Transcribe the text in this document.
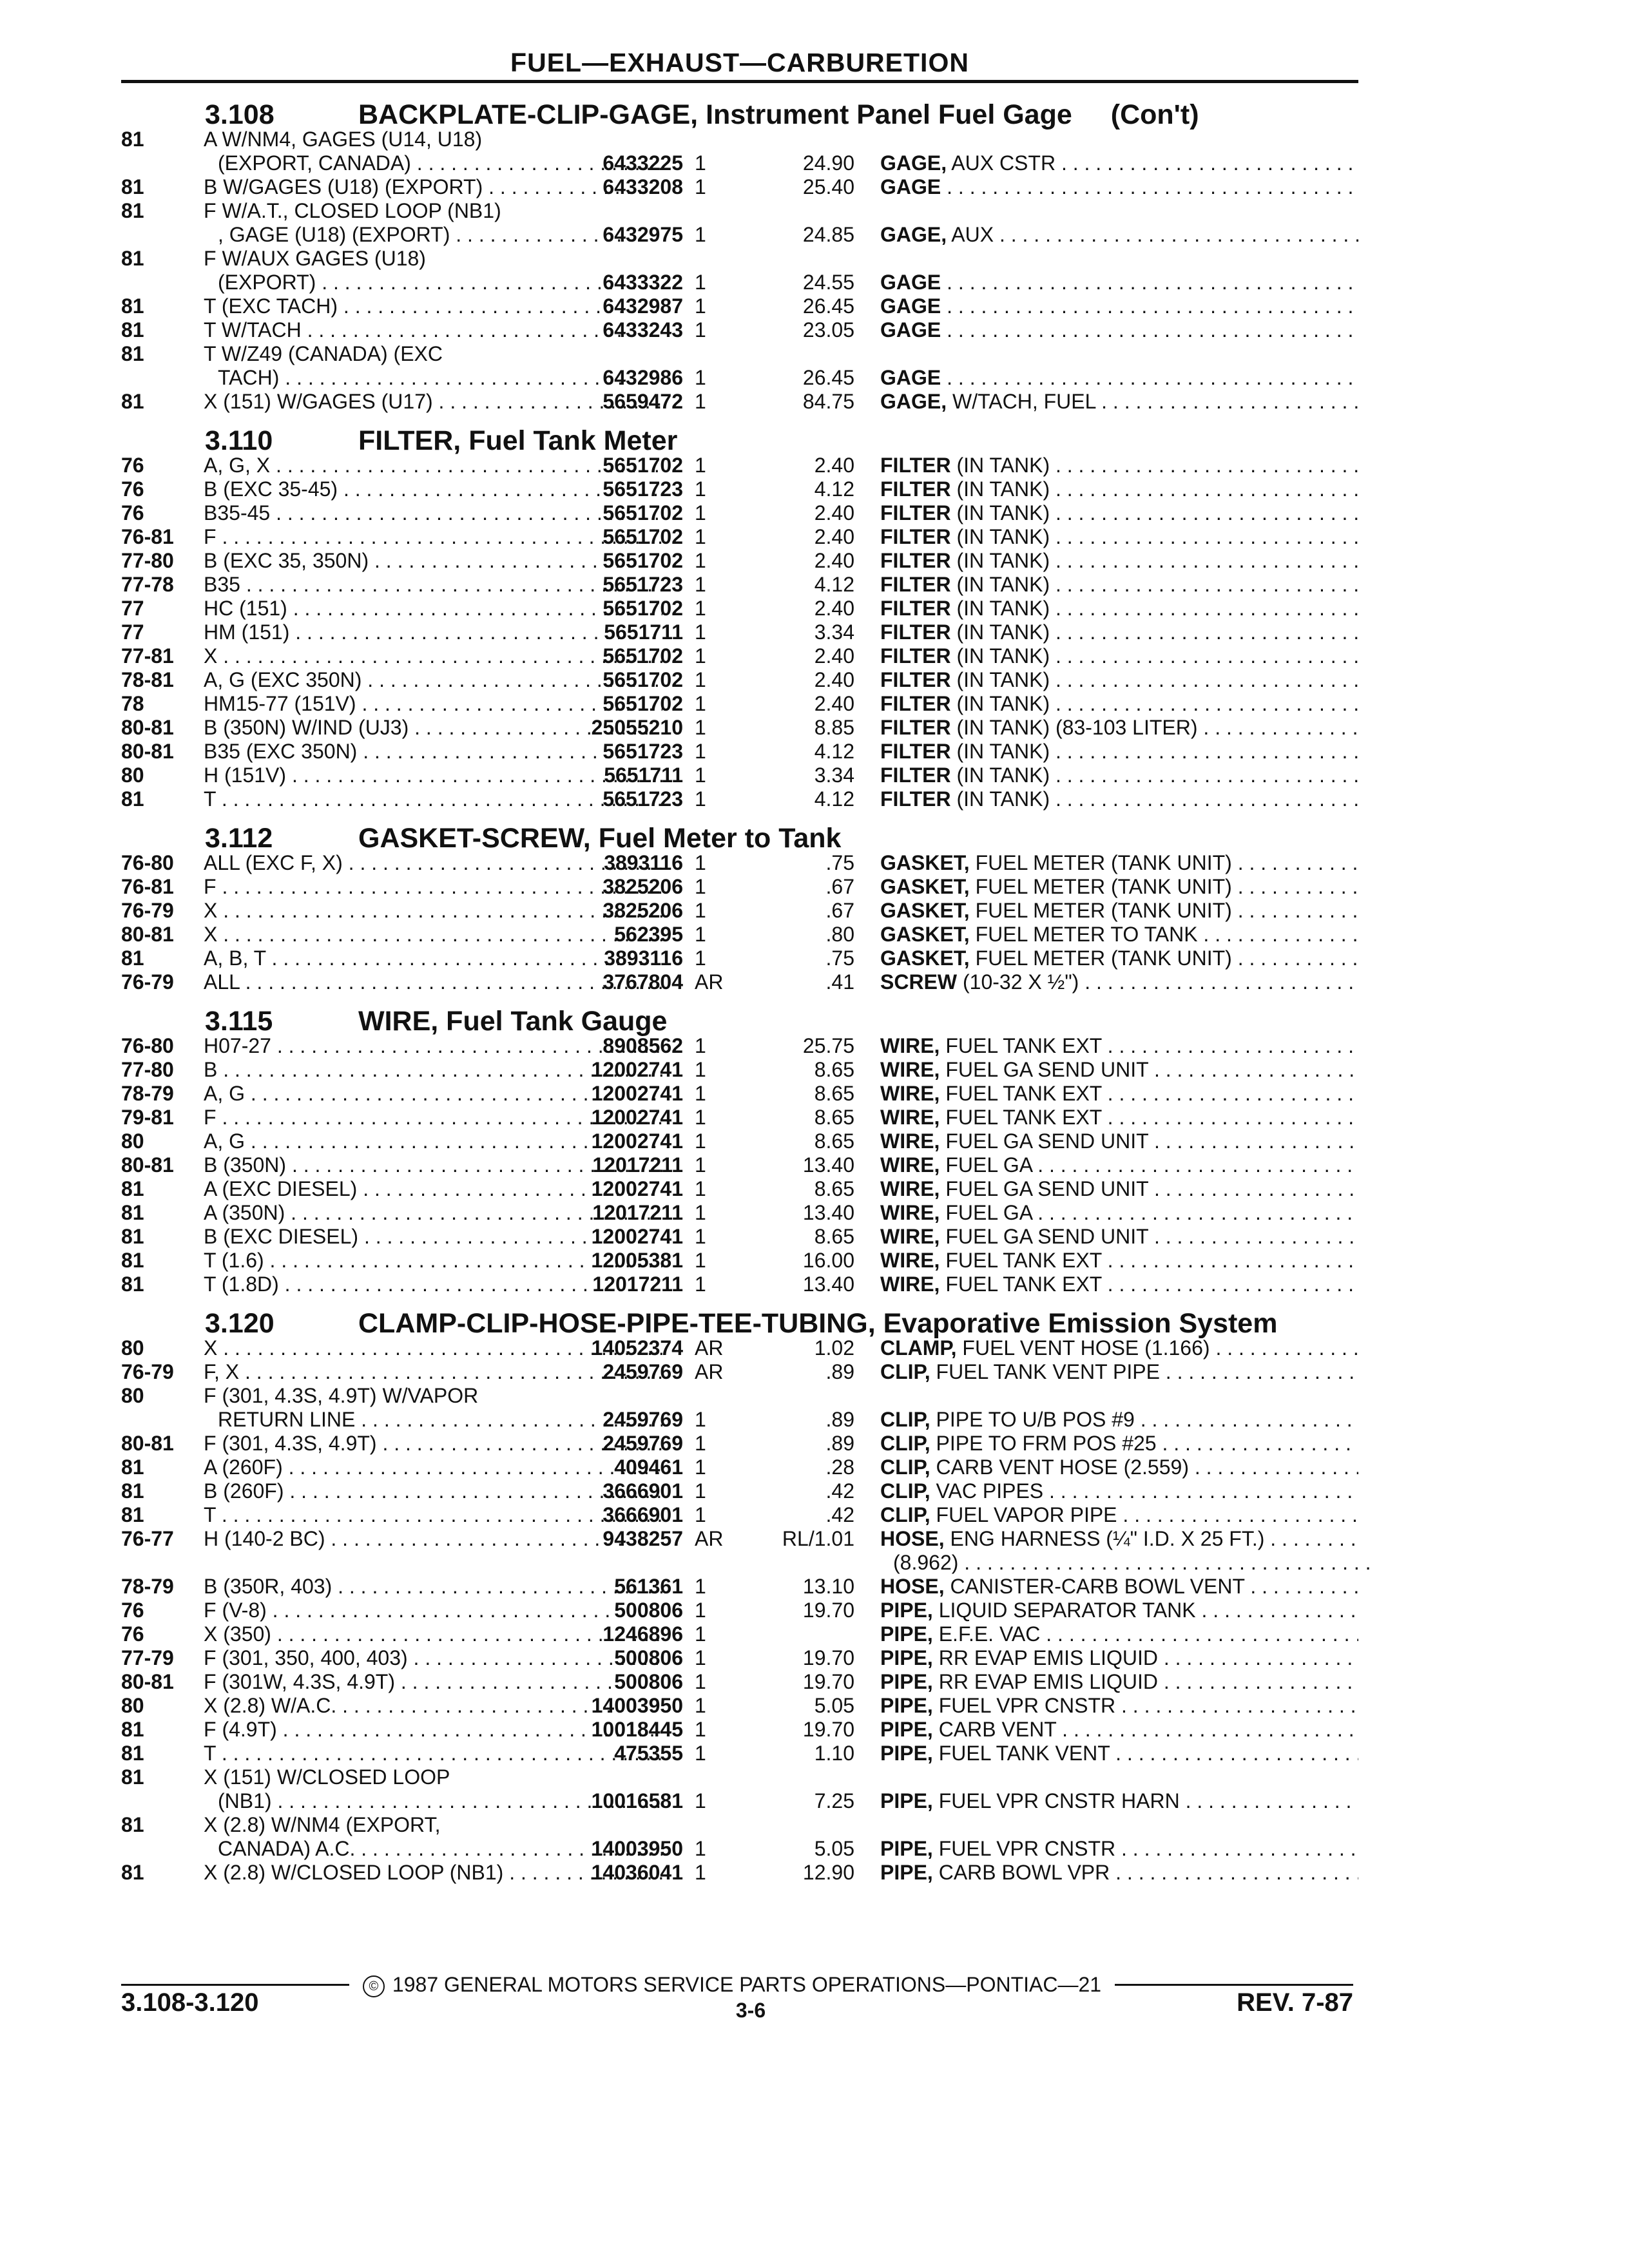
FUEL—EXHAUST—CARBURETION
3.108	BACKPLATE-CLIP-GAGE, Instrument Panel Fuel Gage (Con't)
81	A W/NM4, GAGES (U14, U18)
(EXPORT, CANADA) . . .	6433225 1	24.90 GAGE, AUX CSTR . . .
81	B W/GAGES (U18) (EXPORT) . . .	6433208 1	25.40 GAGE . . .
81	F W/A.T., CLOSED LOOP (NB1)
, GAGE (U18) (EXPORT) . . .	6432975 1	24.85 GAGE, AUX . . .
81	F W/AUX GAGES (U18)
(EXPORT) . . .	6433322 1	24.55 GAGE . . .
81	T (EXC TACH) . . .	6432987 1	26.45 GAGE . . .
81	T W/TACH . . .	6433243 1	23.05 GAGE . . .
81	T W/Z49 (CANADA) (EXC
TACH) . . .	6432986 1	26.45 GAGE . . .
81	X (151) W/GAGES (U17) . . .	5659472 1	84.75 GAGE, W/TACH, FUEL . . .
3.110	FILTER, Fuel Tank Meter
76	A, G, X . . .	5651702 1	2.40 FILTER (IN TANK) . . .
76	B (EXC 35-45) . . .	5651723 1	4.12 FILTER (IN TANK) . . .
76	B35-45 . . .	5651702 1	2.40 FILTER (IN TANK) . . .
76-81 F . . .	5651702 1	2.40 FILTER (IN TANK) . . .
77-80 B (EXC 35, 350N) . . .	5651702 1	2.40 FILTER (IN TANK) . . .
77-78 B35 . . .	5651723 1	4.12 FILTER (IN TANK) . . .
77	HC (151) . . .	5651702 1	2.40 FILTER (IN TANK) . . .
77	HM (151) . . .	5651711 1	3.34 FILTER (IN TANK) . . .
77-81 X . . .	5651702 1	2.40 FILTER (IN TANK) . . .
78-81 A, G (EXC 350N) . . .	5651702 1	2.40 FILTER (IN TANK) . . .
78	HM15-77 (151V) . . .	5651702 1	2.40 FILTER (IN TANK) . . .
80-81 B (350N) W/IND (UJ3) . . .	25055210 1	8.85 FILTER (IN TANK) (83-103 LITER) . . .
80-81 B35 (EXC 350N) . . .	5651723 1	4.12 FILTER (IN TANK) . . .
80	H (151V) . . .	5651711 1	3.34 FILTER (IN TANK) . . .
81	T . . .	5651723 1	4.12 FILTER (IN TANK) . . .
3.112	GASKET-SCREW, Fuel Meter to Tank
76-80 ALL (EXC F, X) . . .	3893116 1	.75 GASKET, FUEL METER (TANK UNIT) . . .
76-81 F . . .	3825206 1	.67 GASKET, FUEL METER (TANK UNIT) . . .
76-79 X . . .	3825206 1	.67 GASKET, FUEL METER (TANK UNIT) . . .
80-81 X . . .	562395 1	.80 GASKET, FUEL METER TO TANK . . .
81	A, B, T . . .	3893116 1	.75 GASKET, FUEL METER (TANK UNIT) . . .
76-79 ALL . . .	3767804 AR	.41 SCREW (10-32 X ½") . . .
3.115	WIRE, Fuel Tank Gauge
76-80 H07-27 . . .	8908562 1	25.75 WIRE, FUEL TANK EXT . . .
77-80 B . . .	12002741 1	8.65 WIRE, FUEL GA SEND UNIT . . .
78-79 A, G . . .	12002741 1	8.65 WIRE, FUEL TANK EXT . . .
79-81 F . . .	12002741 1	8.65 WIRE, FUEL TANK EXT . . .
80	A, G . . .	12002741 1	8.65 WIRE, FUEL GA SEND UNIT . . .
80-81 B (350N) . . .	12017211 1	13.40 WIRE, FUEL GA . . .
81	A (EXC DIESEL) . . .	12002741 1	8.65 WIRE, FUEL GA SEND UNIT . . .
81	A (350N) . . .	12017211 1	13.40 WIRE, FUEL GA . . .
81	B (EXC DIESEL) . . .	12002741 1	8.65 WIRE, FUEL GA SEND UNIT . . .
81	T (1.6) . . .	12005381 1	16.00 WIRE, FUEL TANK EXT . . .
81	T (1.8D) . . .	12017211 1	13.40 WIRE, FUEL TANK EXT . . .
3.120	CLAMP-CLIP-HOSE-PIPE-TEE-TUBING, Evaporative Emission System
80	X . . .	14052374 AR	1.02 CLAMP, FUEL VENT HOSE (1.166) . . .
76-79 F, X . . .	2459769 AR	.89 CLIP, FUEL TANK VENT PIPE . . .
80	F (301, 4.3S, 4.9T) W/VAPOR
RETURN LINE . . .	2459769 1	.89 CLIP, PIPE TO U/B POS #9 . . .
80-81 F (301, 4.3S, 4.9T) . . .	2459769 1	.89 CLIP, PIPE TO FRM POS #25 . . .
81	A (260F) . . .	409461 1	.28 CLIP, CARB VENT HOSE (2.559) . . .
81	B (260F) . . .	3666901 1	.42 CLIP, VAC PIPES . . .
81	T . . .	3666901 1	.42 CLIP, FUEL VAPOR PIPE . . .
76-77 H (140-2 BC) . . .	9438257 AR	RL/1.01 HOSE, ENG HARNESS (¼" I.D. X 25 FT.) . . .
(8.962) . . .
78-79 B (350R, 403) . . .	561361 1	13.10 HOSE, CANISTER-CARB BOWL VENT . . .
76	F (V-8) . . .	500806 1	19.70 PIPE, LIQUID SEPARATOR TANK . . .
76	X (350) . . .	1246896 1	PIPE, E.F.E. VAC . . .
77-79 F (301, 350, 400, 403) . . .	500806 1	19.70 PIPE, RR EVAP EMIS LIQUID . . .
80-81 F (301W, 4.3S, 4.9T) . . .	500806 1	19.70 PIPE, RR EVAP EMIS LIQUID . . .
80	X (2.8) W/A.C. . . .	14003950 1	5.05 PIPE, FUEL VPR CNSTR . . .
81	F (4.9T) . . .	10018445 1	19.70 PIPE, CARB VENT . . .
81	T . . .	475355 1	1.10 PIPE, FUEL TANK VENT . . .
81	X (151) W/CLOSED LOOP
(NB1) . . .	10016581 1	7.25 PIPE, FUEL VPR CNSTR HARN . . .
81	X (2.8) W/NM4 (EXPORT,
CANADA) A.C. . . .	14003950 1	5.05 PIPE, FUEL VPR CNSTR . . .
81	X (2.8) W/CLOSED LOOP (NB1) . . .	14036041 1	12.90 PIPE, CARB BOWL VPR . . .
© 1987 GENERAL MOTORS SERVICE PARTS OPERATIONS—PONTIAC—21
3.108-3.120	3-6	REV. 7-87
